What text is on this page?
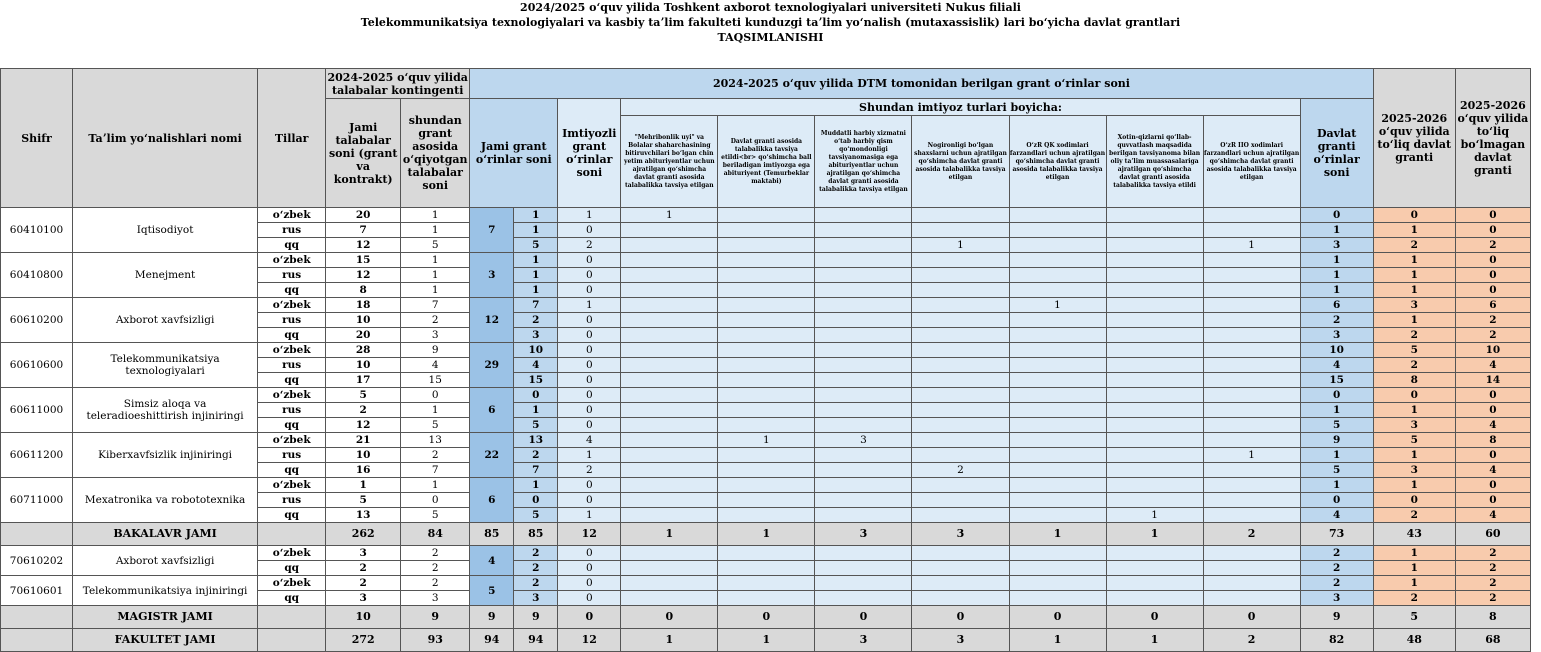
2024/2025 oʻquv yilida Toshkent axborot texnologiyalari universiteti Nukus filiali
Telekommunikatsiya texnologiyalari va kasbiy taʼlim fakulteti kunduzgi taʼlim yoʻnalish (mutaxassislik) lari boʻyicha davlat grantlari
TAQSIMLANISHI
Shifr	Taʼlim yoʻnalishlari nomi	Tillar	2024-2025 oʻquv yilida talabalar kontingenti		2024-2025 oʻquv yilida DTM tomonidan berilgan grant oʻrinlar soni											2025-2026 oʻquv yilida toʻliq davlat granti	2025-2026 oʻquv yilida toʻliq boʻlmagan davlat granti
			Jami talabalar soni (grant va kontrakt)	shundan grant asosida oʻqiyotgan talabalar soni	Jami grant oʻrinlar soni		Imtiyozli grant oʻrinlar soni	Shundan imtiyoz turlari boyicha:							Davlat granti oʻrinlar soni		
								"Mehribonlik uyi" va Bolalar shaharchasining bitiruvchilari boʻlgan chin yetim abituriyentlar uchun ajratilgan qoʻshimcha davlat granti asosida talabalikka tavsiya etilgan	Davlat granti asosida talabalikka tavsiya etildi<br> qoʻshimcha ball beriladigan imtiyozga ega abituriyent (Temurbeklar maktabi)	Muddatli harbiy xizmatni oʻtab harbiy qism qoʻmondonligi tavsiyanomasiga ega abituriyentlar uchun ajratilgan qoʻshimcha davlat granti asosida talabalikka tavsiya etilgan	Nogironligi boʻlgan shaxslarni uchun ajratilgan qoʻshimcha davlat granti asosida talabalikka tavsiya etilgan	OʻzR QK xodimlari farzandlari uchun ajratilgan qoʻshimcha davlat granti asosida talabalikka tavsiya etilgan	Xotin-qizlarni qoʻllab-quvvatlash maqsadida berilgan tavsiyanoma bilan oliy taʼlim muassasalariga ajratilgan qoʻshimcha davlat granti asosida talabalikka tavsiya etildi	OʻzR IIO xodimlari farzandlari uchun ajratilgan qoʻshimcha davlat granti asosida talabalikka tavsiya etilgan			
60410100	Iqtisodiyot	oʻzbek	20	1	7	1	1	1							0	0	0
		rus	7	1		1	0								1	1	0
		qq	12	5		5	2				1			1	3	2	2
60410800	Menejment	oʻzbek	15	1	3	1	0								1	1	0
		rus	12	1		1	0								1	1	0
		qq	8	1		1	0								1	1	0
60610200	Axborot xavfsizligi	oʻzbek	18	7	12	7	1					1			6	3	6
		rus	10	2		2	0								2	1	2
		qq	20	3		3	0								3	2	2
60610600	Telekommunikatsiya texnologiyalari	oʻzbek	28	9	29	10	0								10	5	10
		rus	10	4		4	0								4	2	4
		qq	17	15		15	0								15	8	14
60611000	Simsiz aloqa va teleradioeshittirish injiniringi	oʻzbek	5	0	6	0	0								0	0	0
		rus	2	1		1	0								1	1	0
		qq	12	5		5	0								5	3	4
60611200	Kiberxavfsizlik injiniringi	oʻzbek	21	13	22	13	4		1	3					9	5	8
		rus	10	2		2	1							1	1	1	0
		qq	16	7		7	2				2				5	3	4
60711000	Mexatronika va robototexnika	oʻzbek	1	1	6	1	0								1	1	0
		rus	5	0		0	0								0	0	0
		qq	13	5		5	1						1		4	2	4
	BAKALAVR JAMI		262	84	85	85	12	1	1	3	3	1	1	2	73	43	60
70610202	Axborot xavfsizligi	oʻzbek	3	2	4	2	0								2	1	2
		qq	2	2		2	0								2	1	2
70610601	Telekommunikatsiya injiniringi	oʻzbek	2	2	5	2	0								2	1	2
		qq	3	3		3	0								3	2	2
	MAGISTR JAMI		10	9	9	9	0	0	0	0	0	0	0	0	9	5	8
	FAKULTET JAMI		272	93	94	94	12	1	1	3	3	1	1	2	82	48	68
